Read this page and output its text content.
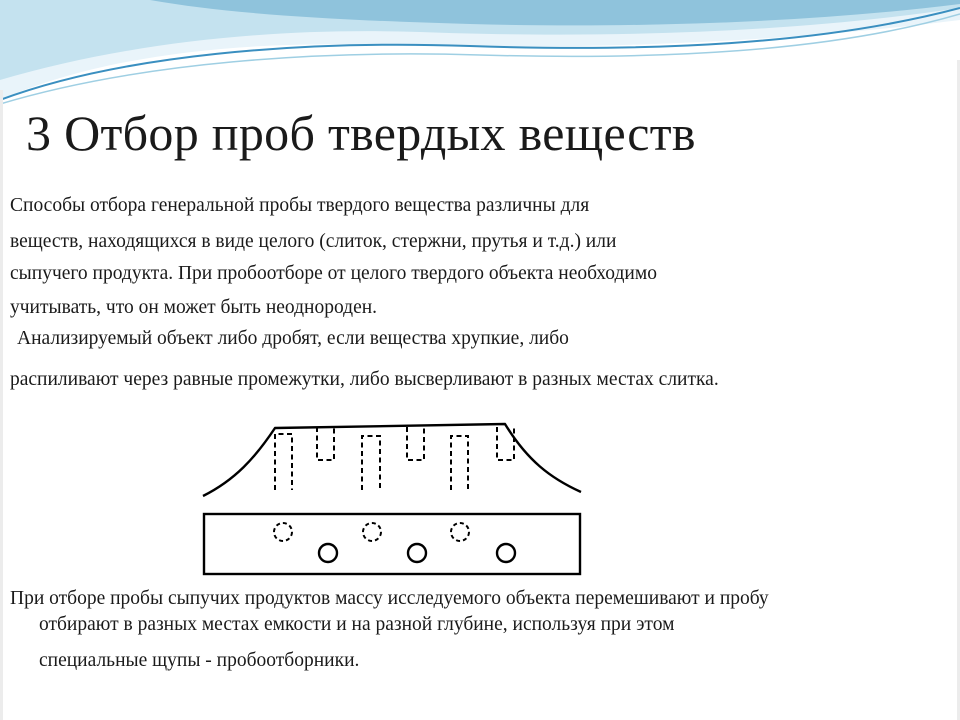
3 Отбор проб твердых веществ

Способы отбора генеральной пробы твердого вещества различны для

веществ, находящихся в виде целого (слиток, стержни, прутья и т.д.) или

сыпучего продукта. При пробоотборе от целого твердого объекта необходимо

учитывать, что он может быть неоднороден.

Анализируемый объект либо дробят, если вещества хрупкие, либо

распиливают через равные промежутки, либо высверливают в разных местах слитка.

При отборе пробы сыпучих продуктов массу исследуемого объекта перемешивают и пробу

отбирают в разных местах емкости и на разной глубине, используя при этом

специальные щупы - пробоотборники.
